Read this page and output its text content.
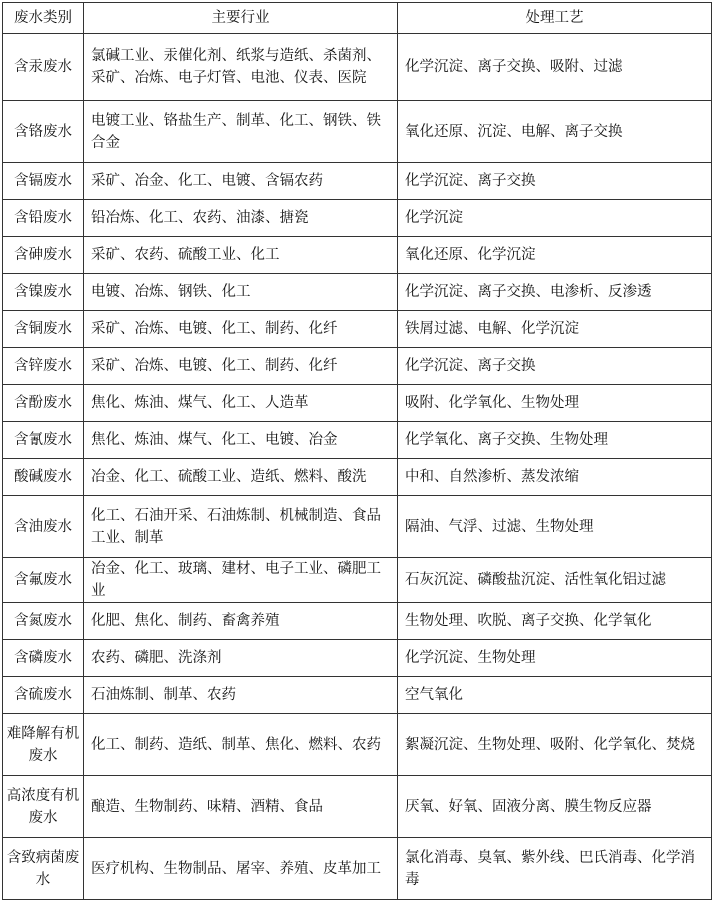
废水类别	主要行业	处理工艺
含汞废水	氯碱工业、汞催化剂、纸浆与造纸、杀菌剂、采矿、冶炼、电子灯管、电池、仪表、医院	化学沉淀、离子交换、吸附、过滤
含铬废水	电镀工业、铬盐生产、制革、化工、钢铁、铁合金	氧化还原、沉淀、电解、离子交换
含镉废水	采矿、冶金、化工、电镀、含镉农药	化学沉淀、离子交换
含铅废水	铅冶炼、化工、农药、油漆、搪瓷	化学沉淀
含砷废水	采矿、农药、硫酸工业、化工	氧化还原、化学沉淀
含镍废水	电镀、冶炼、钢铁、化工	化学沉淀、离子交换、电渗析、反渗透
含铜废水	采矿、冶炼、电镀、化工、制药、化纤	铁屑过滤、电解、化学沉淀
含锌废水	采矿、冶炼、电镀、化工、制药、化纤	化学沉淀、离子交换
含酚废水	焦化、炼油、煤气、化工、人造革	吸附、化学氧化、生物处理
含氰废水	焦化、炼油、煤气、化工、电镀、冶金	化学氧化、离子交换、生物处理
酸碱废水	冶金、化工、硫酸工业、造纸、燃料、酸洗	中和、自然渗析、蒸发浓缩
含油废水	化工、石油开采、石油炼制、机械制造、食品工业、制革	隔油、气浮、过滤、生物处理
含氟废水	冶金、化工、玻璃、建材、电子工业、磷肥工业	石灰沉淀、磷酸盐沉淀、活性氧化铝过滤
含氮废水	化肥、焦化、制药、畜禽养殖	生物处理、吹脱、离子交换、化学氧化
含磷废水	农药、磷肥、洗涤剂	化学沉淀、生物处理
含硫废水	石油炼制、制革、农药	空气氧化
难降解有机废水	化工、制药、造纸、制革、焦化、燃料、农药	絮凝沉淀、生物处理、吸附、化学氧化、焚烧
高浓度有机废水	酿造、生物制药、味精、酒精、食品	厌氧、好氧、固液分离、膜生物反应器
含致病菌废水	医疗机构、生物制品、屠宰、养殖、皮革加工	氯化消毒、臭氧、紫外线、巴氏消毒、化学消毒
